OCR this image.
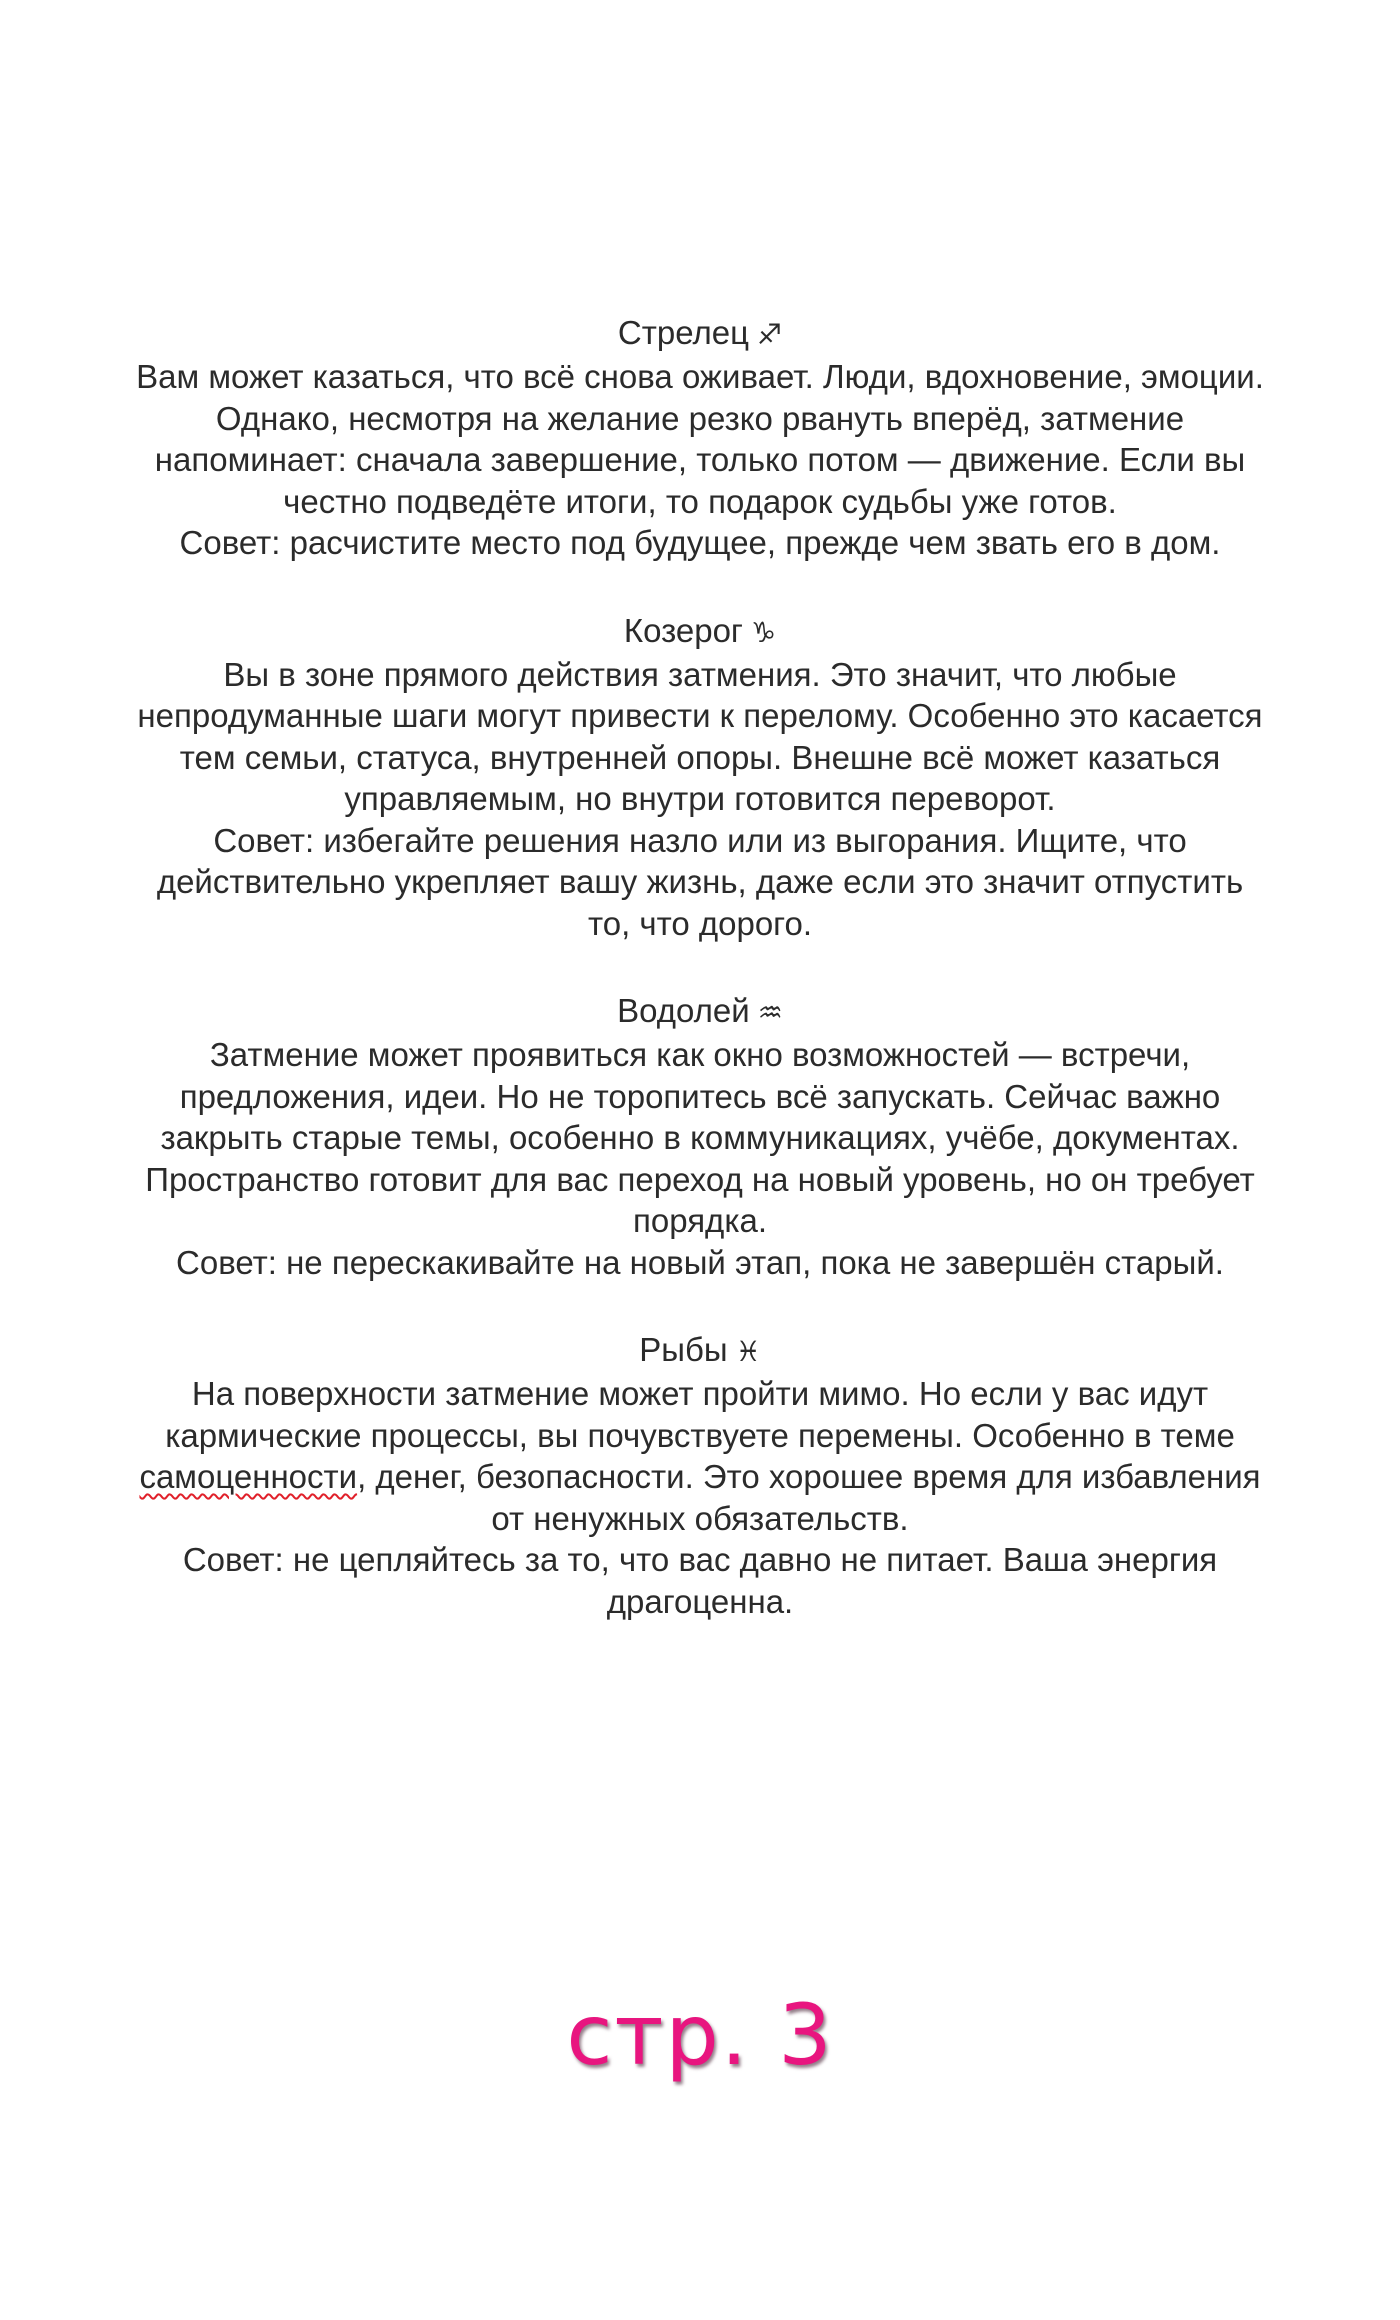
Стрелец ♐

Вам может казаться, что всё снова оживает. Люди, вдохновение, эмоции.

Однако, несмотря на желание резко рвануть вперёд, затмение

напоминает: сначала завершение, только потом — движение. Если вы

честно подведёте итоги, то подарок судьбы уже готов.

Совет: расчистите место под будущее, прежде чем звать его в дом.

Козерог ♑

Вы в зоне прямого действия затмения. Это значит, что любые

непродуманные шаги могут привести к перелому. Особенно это касается

тем семьи, статуса, внутренней опоры. Внешне всё может казаться

управляемым, но внутри готовится переворот.

Совет: избегайте решения назло или из выгорания. Ищите, что

действительно укрепляет вашу жизнь, даже если это значит отпустить

то, что дорого.

Водолей ♒

Затмение может проявиться как окно возможностей — встречи,

предложения, идеи. Но не торопитесь всё запускать. Сейчас важно

закрыть старые темы, особенно в коммуникациях, учёбе, документах.

Пространство готовит для вас переход на новый уровень, но он требует

порядка.

Совет: не перескакивайте на новый этап, пока не завершён старый.

Рыбы ♓

На поверхности затмение может пройти мимо. Но если у вас идут

кармические процессы, вы почувствуете перемены. Особенно в теме

самоценности, денег, безопасности. Это хорошее время для избавления

от ненужных обязательств.

Совет: не цепляйтесь за то, что вас давно не питает. Ваша энергия

драгоценна.

стр. 3
